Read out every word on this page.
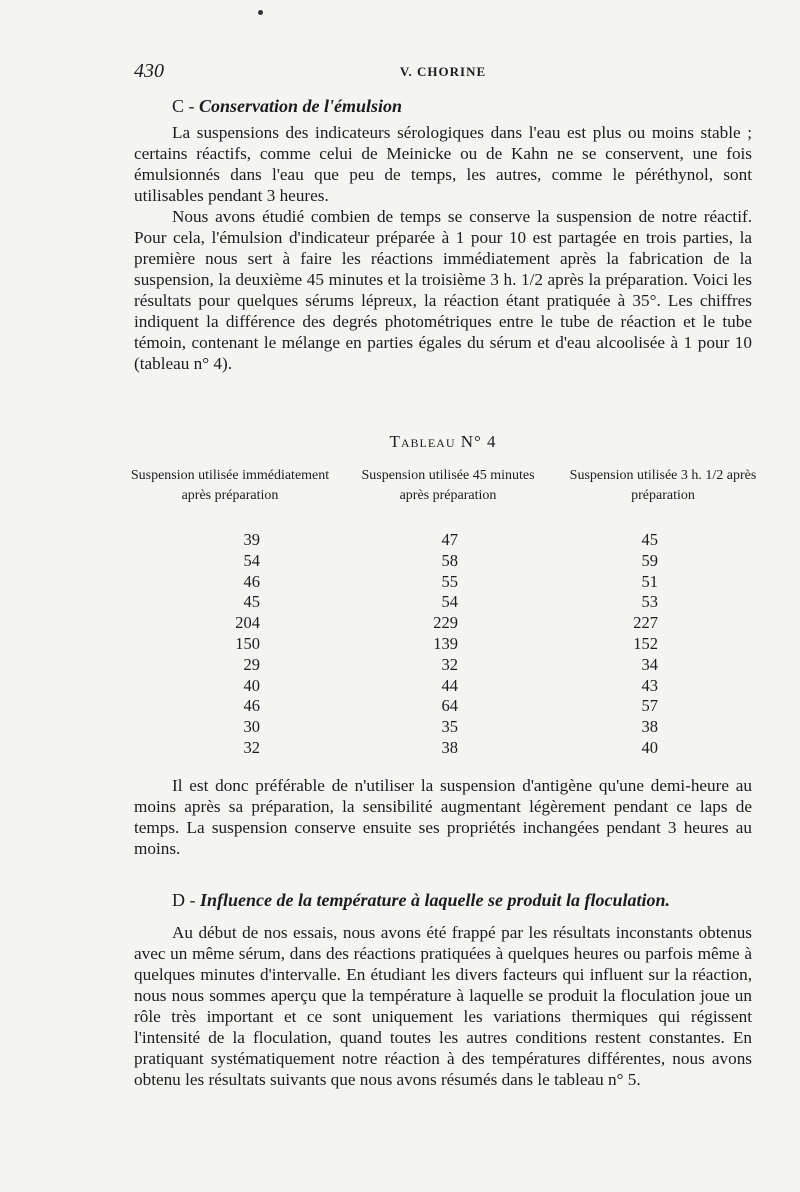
430	V. CHORINE
C - Conservation de l'émulsion

La suspensions des indicateurs sérologiques dans l'eau est plus ou moins stable ; certains réactifs, comme celui de Meinicke ou de Kahn ne se conservent, une fois émulsionnés dans l'eau que peu de temps, les autres, comme le péréthynol, sont utilisables pendant 3 heures.

Nous avons étudié combien de temps se conserve la suspension de notre réactif. Pour cela, l'émulsion d'indicateur préparée à 1 pour 10 est partagée en trois parties, la première nous sert à faire les réactions immédiatement après la fabrication de la suspension, la deuxième 45 minutes et la troisième 3 h. 1/2 après la préparation. Voici les résultats pour quelques sérums lépreux, la réaction étant pratiquée à 35°. Les chiffres indiquent la différence des degrés photométriques entre le tube de réaction et le tube témoin, contenant le mélange en parties égales du sérum et d'eau alcoolisée à 1 pour 10 (tableau n° 4).

Tableau N° 4
Suspension utilisée immédiatement après préparation
Suspension utilisée 45 minutes après préparation
Suspension utilisée 3 h. 1/2 après préparation
39
54
46
45
204
150
29
40
46
30
32
47
58
55
54
229
139
32
44
64
35
38
45
59
51
53
227
152
34
43
57
38
40

Il est donc préférable de n'utiliser la suspension d'antigène qu'une demi-heure au moins après sa préparation, la sensibilité augmentant légèrement pendant ce laps de temps. La suspension conserve ensuite ses propriétés inchangées pendant 3 heures au moins.

D - Influence de la température à laquelle se produit la floculation.

Au début de nos essais, nous avons été frappé par les résultats inconstants obtenus avec un même sérum, dans des réactions pratiquées à quelques heures ou parfois même à quelques minutes d'intervalle. En étudiant les divers facteurs qui influent sur la réaction, nous nous sommes aperçu que la température à laquelle se produit la floculation joue un rôle très important et ce sont uniquement les variations thermiques qui régissent l'intensité de la floculation, quand toutes les autres conditions restent constantes. En pratiquant systématiquement notre réaction à des températures différentes, nous avons obtenu les résultats suivants que nous avons résumés dans le tableau n° 5.
